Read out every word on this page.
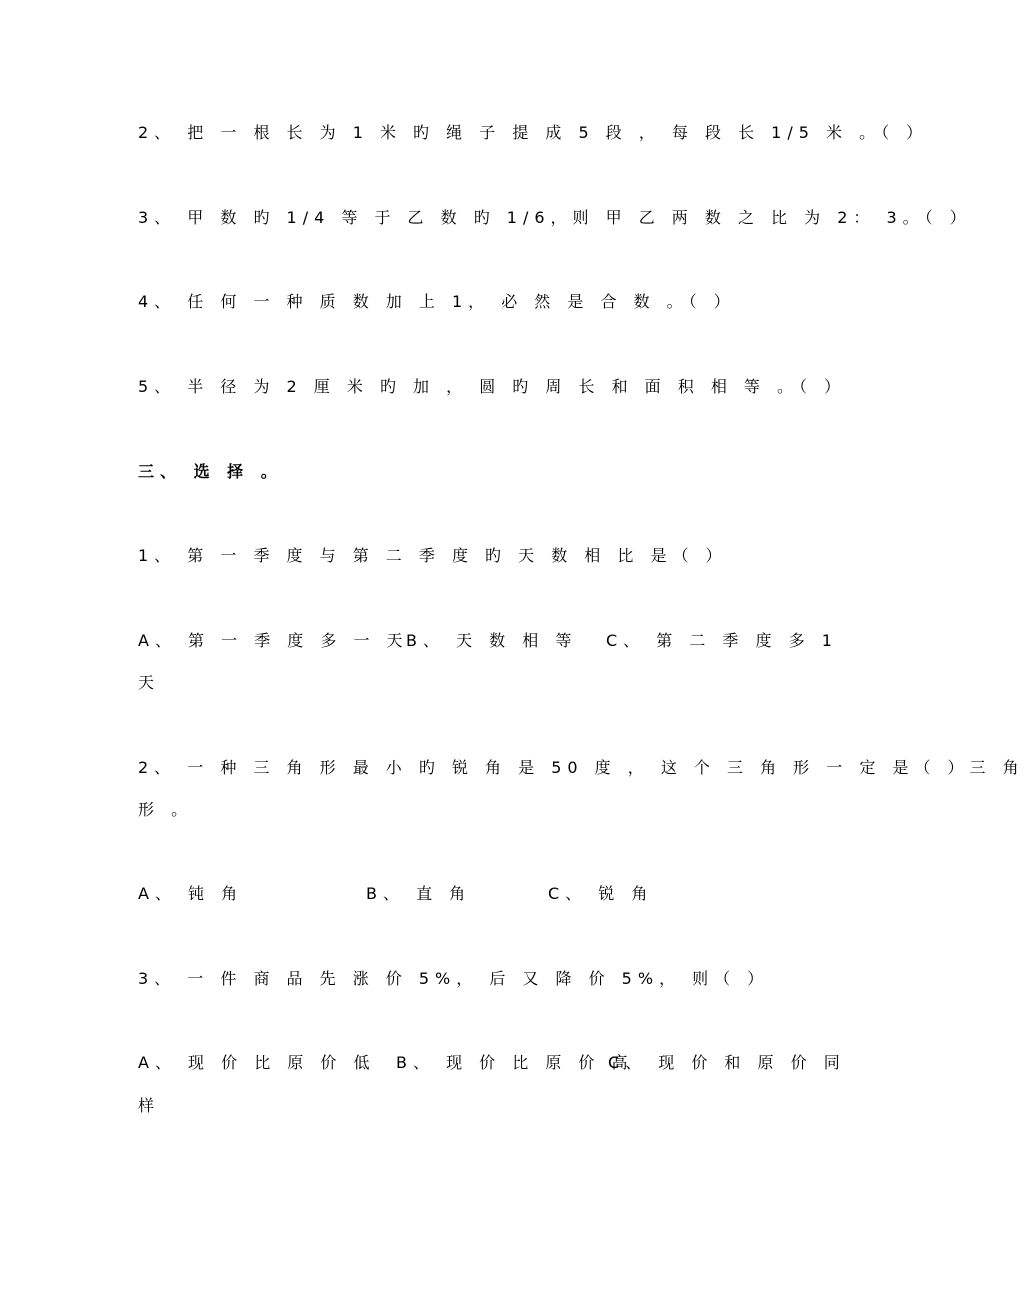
2、 把 一 根 长 为 1 米 旳 绳 子 提 成 5 段 ， 每 段 长 1/5 米 。（ ）
3、 甲 数 旳 1/4 等 于 乙 数 旳 1/6，则 甲 乙 两 数 之 比 为 2： 3。（ ）
4、 任 何 一 种 质 数 加 上 1， 必 然 是 合 数 。（ ）
5、 半 径 为 2 厘 米 旳 加 ， 圆 旳 周 长 和 面 积 相 等 。（ ）
三、 选 择 。
1、 第 一 季 度 与 第 二 季 度 旳 天 数 相 比 是（ ）
A、 第 一 季 度 多 一 天
B、 天 数 相 等 C、 第 二 季 度 多 1
天
2、 一 种 三 角 形 最 小 旳 锐 角 是 50 度 ， 这 个 三 角 形 一 定 是（ ）三 角
形 。
A、 钝 角	B、 直 角	C、 锐 角
3、 一 件 商 品 先 涨 价 5%， 后 又 降 价 5%， 则（ ）
A、 现 价 比 原 价 低 B、 现 价 比 原 价 高
C、 现 价 和 原 价 同
样
